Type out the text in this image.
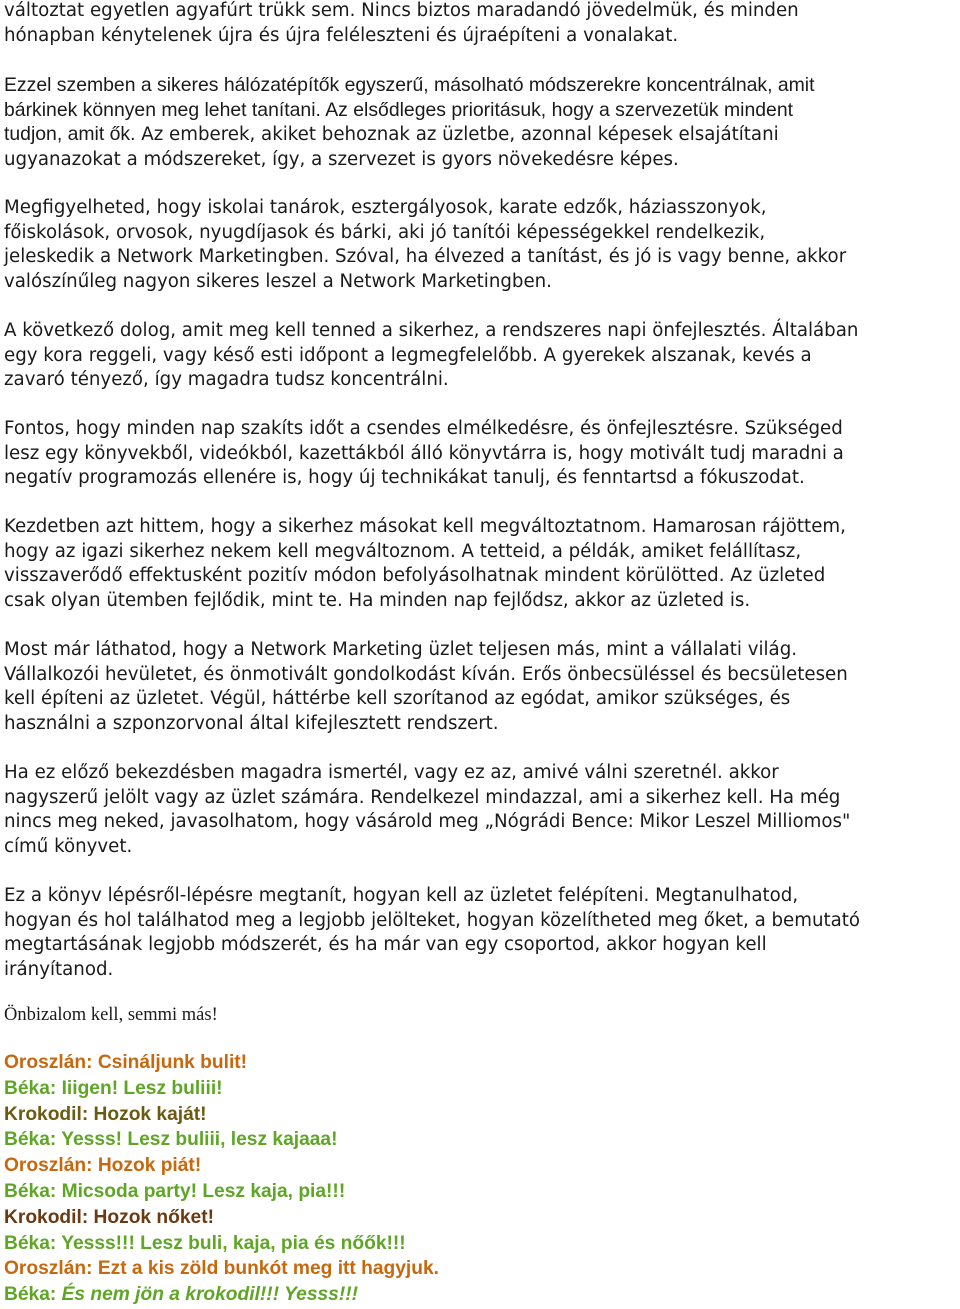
változtat egyetlen agyafúrt trükk sem. Nincs biztos maradandó jövedelmük, és minden
hónapban kénytelenek újra és újra feléleszteni és újraépíteni a vonalakat.
Ezzel szemben a sikeres hálózatépítők egyszerű, másolható módszerekre koncentrálnak, amit
bárkinek könnyen meg lehet tanítani. Az elsődleges prioritásuk, hogy a szervezetük mindent
tudjon, amit ők. Az emberek, akiket behoznak az üzletbe, azonnal képesek elsajátítani
ugyanazokat a módszereket, így, a szervezet is gyors növekedésre képes.
Megfigyelheted, hogy iskolai tanárok, esztergályosok, karate edzők, háziasszonyok,
főiskolások, orvosok, nyugdíjasok és bárki, aki jó tanítói képességekkel rendelkezik,
jeleskedik a Network Marketingben. Szóval, ha élvezed a tanítást, és jó is vagy benne, akkor
valószínűleg nagyon sikeres leszel a Network Marketingben.
A következő dolog, amit meg kell tenned a sikerhez, a rendszeres napi önfejlesztés. Általában
egy kora reggeli, vagy késő esti időpont a legmegfelelőbb. A gyerekek alszanak, kevés a
zavaró tényező, így magadra tudsz koncentrálni.
Fontos, hogy minden nap szakíts időt a csendes elmélkedésre, és önfejlesztésre. Szükséged
lesz egy könyvekből, videókból, kazettákból álló könyvtárra is, hogy motivált tudj maradni a
negatív programozás ellenére is, hogy új technikákat tanulj, és fenntartsd a fókuszodat.
Kezdetben azt hittem, hogy a sikerhez másokat kell megváltoztatnom. Hamarosan rájöttem,
hogy az igazi sikerhez nekem kell megváltoznom. A tetteid, a példák, amiket felállítasz,
visszaverődő effektusként pozitív módon befolyásolhatnak mindent körülötted. Az üzleted
csak olyan ütemben fejlődik, mint te. Ha minden nap fejlődsz, akkor az üzleted is.
Most már láthatod, hogy a Network Marketing üzlet teljesen más, mint a vállalati világ.
Vállalkozói hevületet, és önmotivált gondolkodást kíván. Erős önbecsüléssel és becsületesen
kell építeni az üzletet. Végül, háttérbe kell szorítanod az egódat, amikor szükséges, és
használni a szponzorvonal által kifejlesztett rendszert.
Ha ez előző bekezdésben magadra ismertél, vagy ez az, amivé válni szeretnél. akkor
nagyszerű jelölt vagy az üzlet számára. Rendelkezel mindazzal, ami a sikerhez kell. Ha még
nincs meg neked, javasolhatom, hogy vásárold meg „Nógrádi Bence: Mikor Leszel Milliomos"
című könyvet.
Ez a könyv lépésről-lépésre megtanít, hogyan kell az üzletet felépíteni. Megtanulhatod,
hogyan és hol találhatod meg a legjobb jelölteket, hogyan közelítheted meg őket, a bemutató
megtartásának legjobb módszerét, és ha már van egy csoportod, akkor hogyan kell
irányítanod.
Önbizalom kell, semmi más!
Oroszlán: Csináljunk bulit!
Béka: Iiigen! Lesz buliii!
Krokodil: Hozok kaját!
Béka: Yesss! Lesz buliii, lesz kajaaa!
Oroszlán: Hozok piát!
Béka: Micsoda party! Lesz kaja, pia!!!
Krokodil: Hozok nőket!
Béka: Yesss!!! Lesz buli, kaja, pia és nőők!!!
Oroszlán: Ezt a kis zöld bunkót meg itt hagyjuk.
Béka: És nem jön a krokodil!!! Yesss!!!
